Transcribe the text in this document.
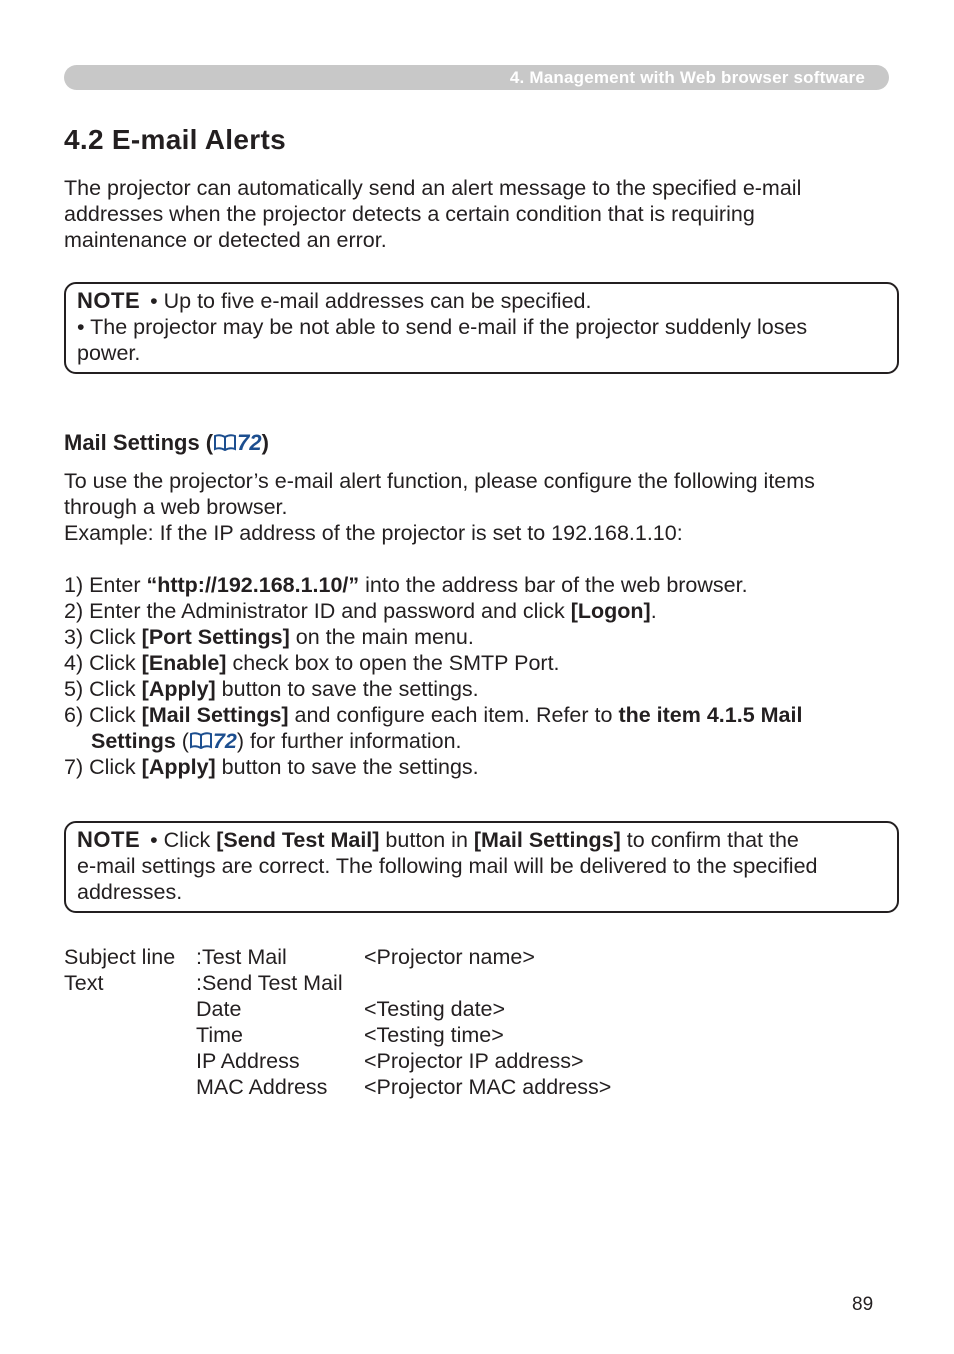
4. Management with Web browser software
4.2 E-mail Alerts
The projector can automatically send an alert message to the specified e-mail
addresses when the projector detects a certain condition that is requiring
maintenance or detected an error.
NOTE • Up to five e-mail addresses can be specified.
• The projector may be not able to send e-mail if the projector suddenly loses
power.
Mail Settings ( 72)
To use the projector’s e-mail alert function, please configure the following items
through a web browser.
Example: If the IP address of the projector is set to 192.168.1.10:
1) Enter “http://192.168.1.10/” into the address bar of the web browser.
2) Enter the Administrator ID and password and click [Logon].
3) Click [Port Settings] on the main menu.
4) Click [Enable] check box to open the SMTP Port.
5) Click [Apply] button to save the settings.
6) Click [Mail Settings] and configure each item. Refer to the item 4.1.5 Mail
Settings ( 72) for further information.
7) Click [Apply] button to save the settings.
NOTE • Click [Send Test Mail] button in [Mail Settings] to confirm that the
e-mail settings are correct. The following mail will be delivered to the specified
addresses.
Subject line	:Test Mail	<Projector name>
Text	:Send Test Mail	
	Date	<Testing date>
	Time	<Testing time>
	IP Address	<Projector IP address>
	MAC Address	<Projector MAC address>
89
